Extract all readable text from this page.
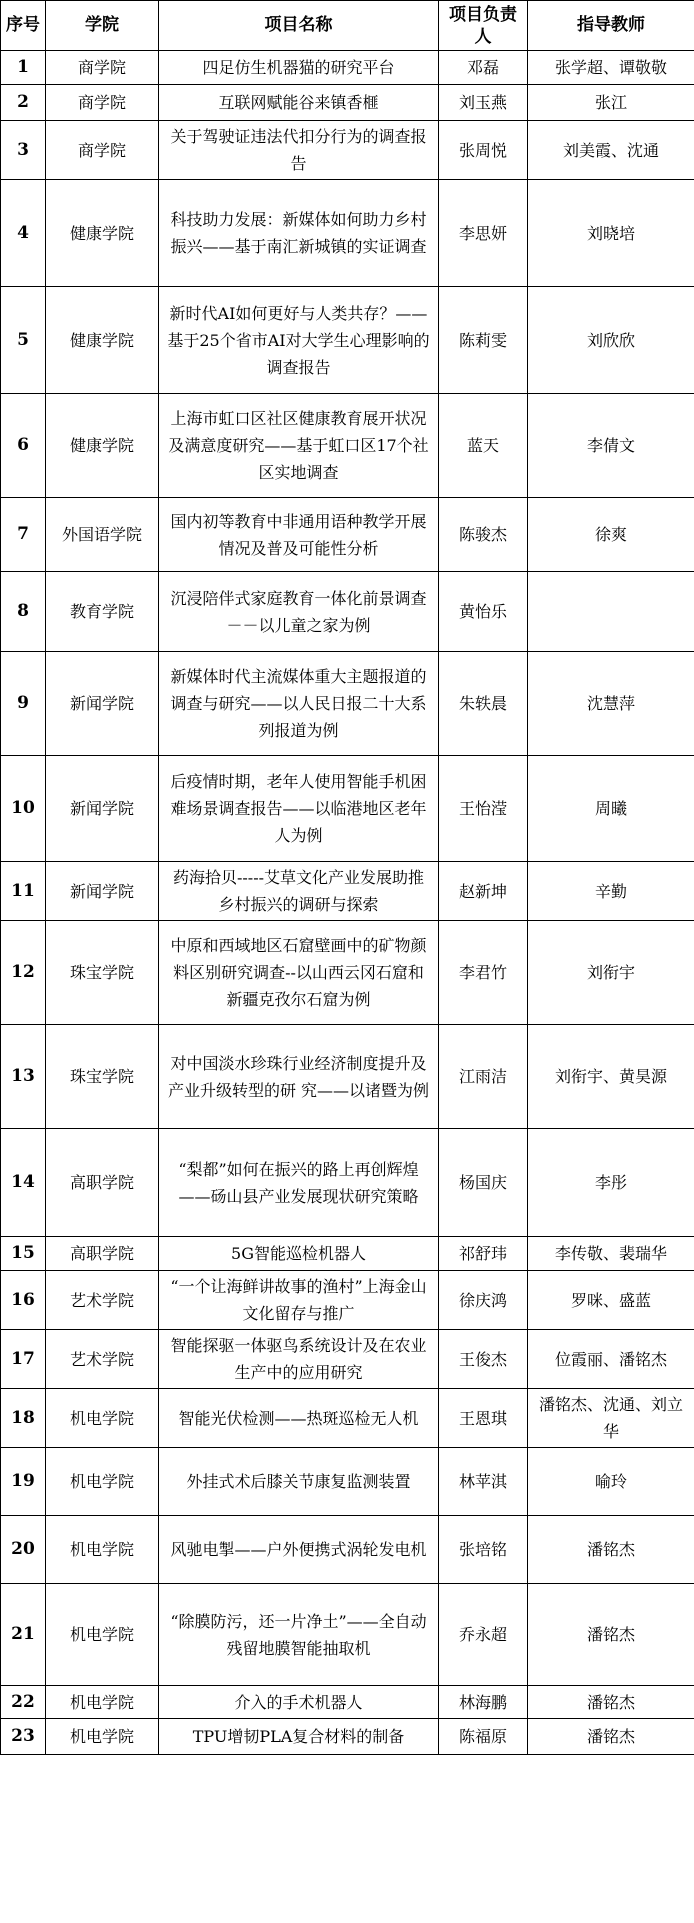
序号	学院	项目名称	项目负责人	指导教师
1	商学院	四足仿生机器猫的研究平台	邓磊	张学超、谭敬敬
2	商学院	互联网赋能谷来镇香榧	刘玉燕	张江
3	商学院	关于驾驶证违法代扣分行为的调查报告	张周悦	刘美霞、沈通
4	健康学院	科技助力发展：新媒体如何助力乡村振兴——基于南汇新城镇的实证调查	李思妍	刘晓培
5	健康学院	新时代AI如何更好与人类共存？——基于25个省市AI对大学生心理影响的调查报告	陈莉雯	刘欣欣
6	健康学院	上海市虹口区社区健康教育展开状况及满意度研究——基于虹口区17个社区实地调查	蓝天	李倩文
7	外国语学院	国内初等教育中非通用语种教学开展情况及普及可能性分析	陈骏杰	徐爽
8	教育学院	沉浸陪伴式家庭教育一体化前景调查－－以儿童之家为例	黄怡乐	
9	新闻学院	新媒体时代主流媒体重大主题报道的调查与研究——以人民日报二十大系列报道为例	朱轶晨	沈慧萍
10	新闻学院	后疫情时期，老年人使用智能手机困难场景调查报告——以临港地区老年人为例	王怡滢	周曦
11	新闻学院	药海拾贝-----艾草文化产业发展助推乡村振兴的调研与探索	赵新坤	辛勤
12	珠宝学院	中原和西域地区石窟壁画中的矿物颜料区别研究调查--以山西云冈石窟和新疆克孜尔石窟为例	李君竹	刘衔宇
13	珠宝学院	对中国淡水珍珠行业经济制度提升及产业升级转型的研 究——以诸暨为例	江雨洁	刘衔宇、黄昊源
14	高职学院	“梨都”如何在振兴的路上再创辉煌——砀山县产业发展现状研究策略	杨国庆	李彤
15	高职学院	5G智能巡检机器人	祁舒玮	李传敬、裴瑞华
16	艺术学院	“一个让海鲜讲故事的渔村”上海金山文化留存与推广	徐庆鸿	罗咪、盛蓝
17	艺术学院	智能探驱一体驱鸟系统设计及在农业生产中的应用研究	王俊杰	位霞丽、潘铭杰
18	机电学院	智能光伏检测——热斑巡检无人机	王恩琪	潘铭杰、沈通、刘立华
19	机电学院	外挂式术后膝关节康复监测装置	林苹淇	喻玲
20	机电学院	风驰电掣——户外便携式涡轮发电机	张培铭	潘铭杰
21	机电学院	“除膜防污，还一片净土”——全自动残留地膜智能抽取机	乔永超	潘铭杰
22	机电学院	介入的手术机器人	林海鹏	潘铭杰
23	机电学院	TPU增韧PLA复合材料的制备	陈福原	潘铭杰
